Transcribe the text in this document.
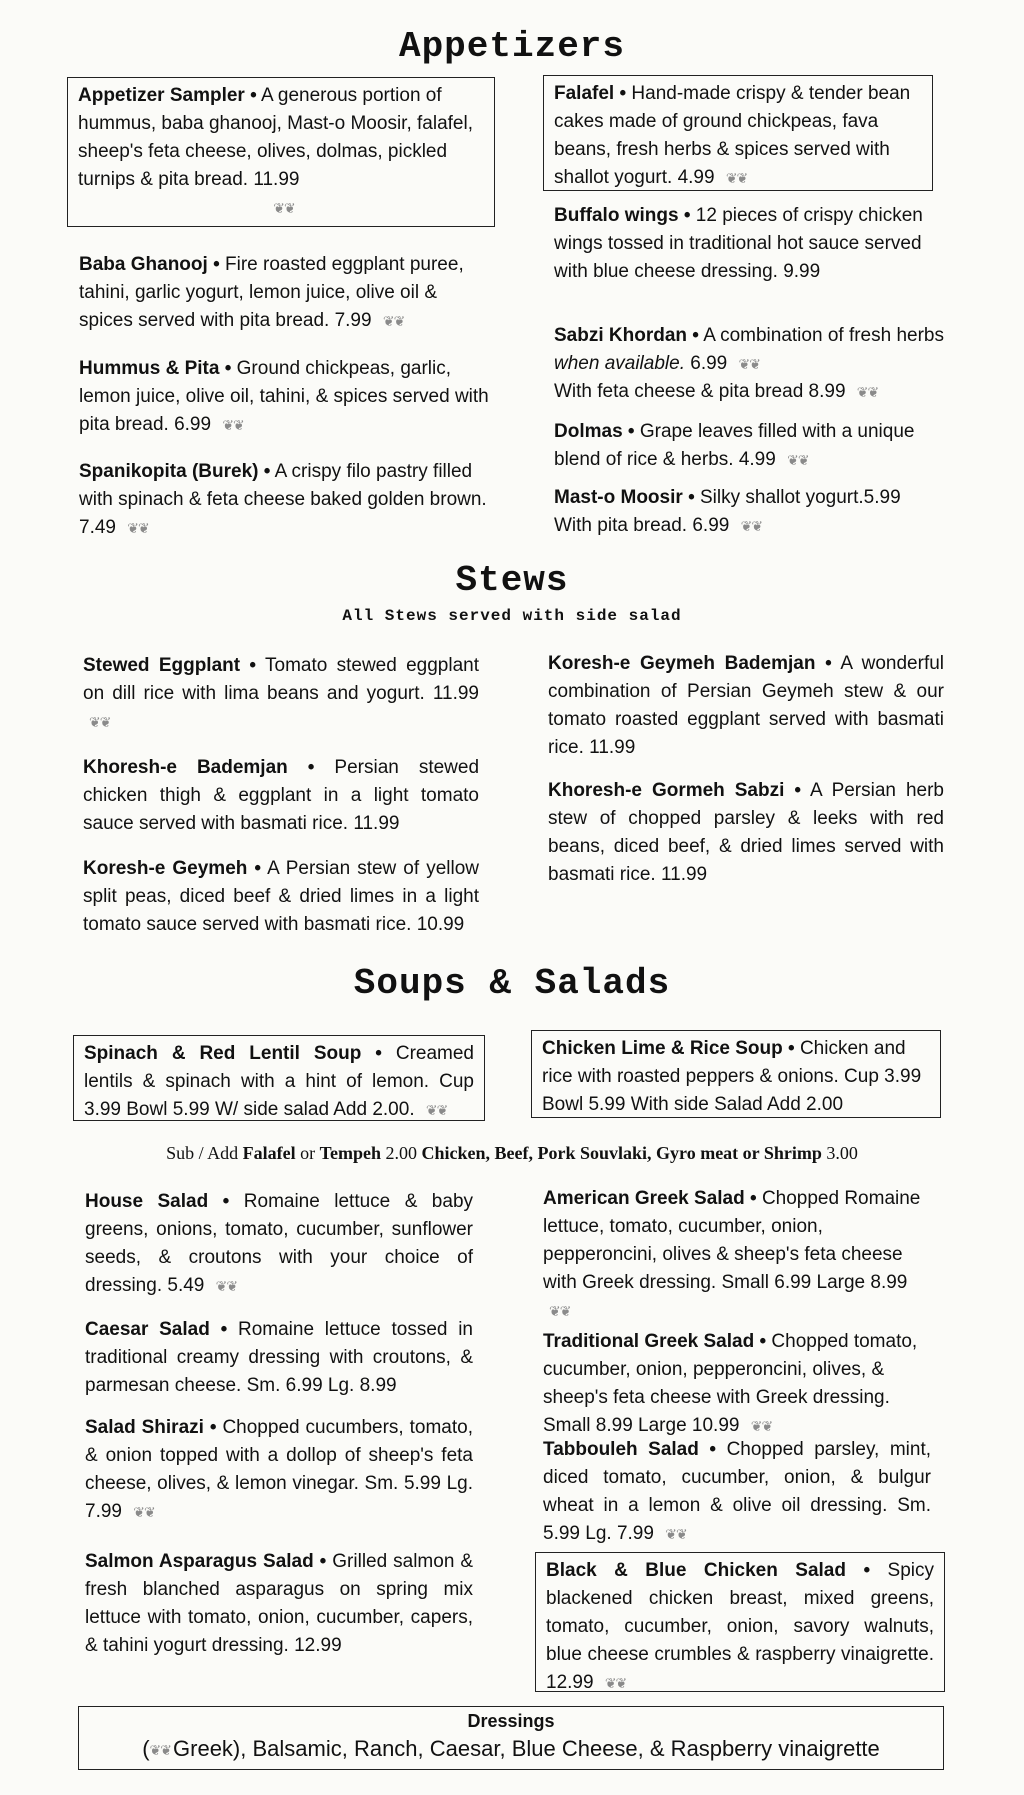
Appetizers
Appetizer Sampler • A generous portion of hummus, baba ghanooj, Mast-o Moosir, falafel, sheep's feta cheese, olives, dolmas, pickled turnips & pita bread. 11.99
❦❦
Falafel • Hand-made crispy & tender bean cakes made of ground chickpeas, fava beans, fresh herbs & spices served with shallot yogurt. 4.99 ❦❦
Buffalo wings • 12 pieces of crispy chicken wings tossed in traditional hot sauce served with blue cheese dressing. 9.99
Baba Ghanooj • Fire roasted eggplant puree, tahini, garlic yogurt, lemon juice, olive oil & spices served with pita bread. 7.99 ❦❦
Sabzi Khordan • A combination of fresh herbs when available. 6.99 ❦❦
With feta cheese & pita bread 8.99 ❦❦
Hummus & Pita • Ground chickpeas, garlic, lemon juice, olive oil, tahini, & spices served with pita bread. 6.99 ❦❦	Dolmas • Grape leaves filled with a unique blend of rice & herbs. 4.99 ❦❦
Spanikopita (Burek) • A crispy filo pastry filled with spinach & feta cheese baked golden brown. 7.49 ❦❦
Mast-o Moosir • Silky shallot yogurt.5.99
With pita bread. 6.99 ❦❦
Stews
All Stews served with side salad
Stewed Eggplant • Tomato stewed eggplant on dill rice with lima beans and yogurt. 11.99 ❦❦
Koresh-e Geymeh Bademjan • A wonderful combination of Persian Geymeh stew & our tomato roasted eggplant served with basmati rice. 11.99
Khoresh-e Bademjan • Persian stewed chicken thigh & eggplant in a light tomato sauce served with basmati rice. 11.99
Khoresh-e Gormeh Sabzi • A Persian herb stew of chopped parsley & leeks with red beans, diced beef, & dried limes served with basmati rice. 11.99
Koresh-e Geymeh • A Persian stew of yellow split peas, diced beef & dried limes in a light tomato sauce served with basmati rice. 10.99
Soups & Salads
Spinach & Red Lentil Soup • Creamed lentils & spinach with a hint of lemon. Cup 3.99 Bowl 5.99 W/ side salad Add 2.00. ❦❦
Chicken Lime & Rice Soup • Chicken and rice with roasted peppers & onions. Cup 3.99 Bowl 5.99 With side Salad Add 2.00
Sub / Add Falafel or Tempeh 2.00 Chicken, Beef, Pork Souvlaki, Gyro meat or Shrimp 3.00
House Salad • Romaine lettuce & baby greens, onions, tomato, cucumber, sunflower seeds, & croutons with your choice of dressing. 5.49 ❦❦
American Greek Salad • Chopped Romaine lettuce, tomato, cucumber, onion, pepperoncini, olives & sheep's feta cheese with Greek dressing. Small 6.99 Large 8.99 ❦❦
Caesar Salad • Romaine lettuce tossed in traditional creamy dressing with croutons, & parmesan cheese. Sm. 6.99 Lg. 8.99
Traditional Greek Salad • Chopped tomato, cucumber, onion, pepperoncini, olives, & sheep's feta cheese with Greek dressing. Small 8.99 Large 10.99 ❦❦
Salad Shirazi • Chopped cucumbers, tomato, & onion topped with a dollop of sheep's feta cheese, olives, & lemon vinegar. Sm. 5.99 Lg. 7.99 ❦❦
Tabbouleh Salad • Chopped parsley, mint, diced tomato, cucumber, onion, & bulgur wheat in a lemon & olive oil dressing. Sm. 5.99 Lg. 7.99 ❦❦
Salmon Asparagus Salad • Grilled salmon & fresh blanched asparagus on spring mix lettuce with tomato, onion, cucumber, capers, & tahini yogurt dressing. 12.99
Black & Blue Chicken Salad • Spicy blackened chicken breast, mixed greens, tomato, cucumber, onion, savory walnuts, blue cheese crumbles & raspberry vinaigrette. 12.99 ❦❦
Dressings
(❦❦Greek), Balsamic, Ranch, Caesar, Blue Cheese, & Raspberry vinaigrette
